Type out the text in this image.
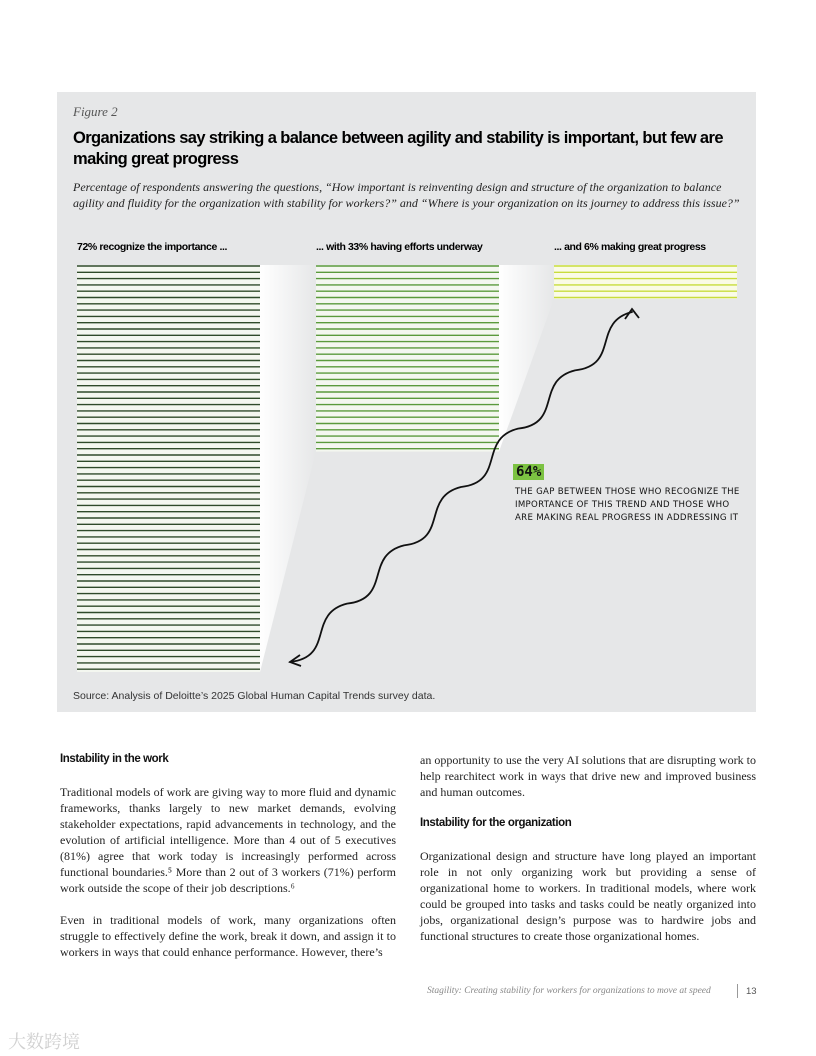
Figure 2
Organizations say striking a balance between agility and stability is important, but few are making great progress
Percentage of respondents answering the questions, “How important is reinventing design and structure of the organization to balance agility and fluidity for the organization with stability for workers?” and “Where is your organization on its journey to address this issue?”
72% recognize the importance ...	... with 33% having efforts underway	... and 6% making great progress
64%
THE GAP BETWEEN THOSE WHO RECOGNIZE THE IMPORTANCE OF THIS TREND AND THOSE WHO ARE MAKING REAL PROGRESS IN ADDRESSING IT
Source: Analysis of Deloitte’s 2025 Global Human Capital Trends survey data.
Instability in the work
Traditional models of work are giving way to more fluid and dynamic frameworks, thanks largely to new market demands, evolving stakeholder expectations, rapid advancements in technology, and the evolution of artificial intelligence. More than 4 out of 5 executives (81%) agree that work today is increasingly performed across functional boundaries.⁵ More than 2 out of 3 workers (71%) perform work outside the scope of their job descriptions.⁶
Even in traditional models of work, many organizations often struggle to effectively define the work, break it down, and assign it to workers in ways that could enhance performance. However, there’s
an opportunity to use the very AI solutions that are disrupting work to help rearchitect work in ways that drive new and improved business and human outcomes.
Instability for the organization
Organizational design and structure have long played an important role in not only organizing work but providing a sense of organizational home to workers. In traditional models, where work could be grouped into tasks and tasks could be neatly organized into jobs, organizational design’s purpose was to hardwire jobs and functional structures to create those organizational homes.
Stagility: Creating stability for workers for organizations to move at speed	13
大数跨境
